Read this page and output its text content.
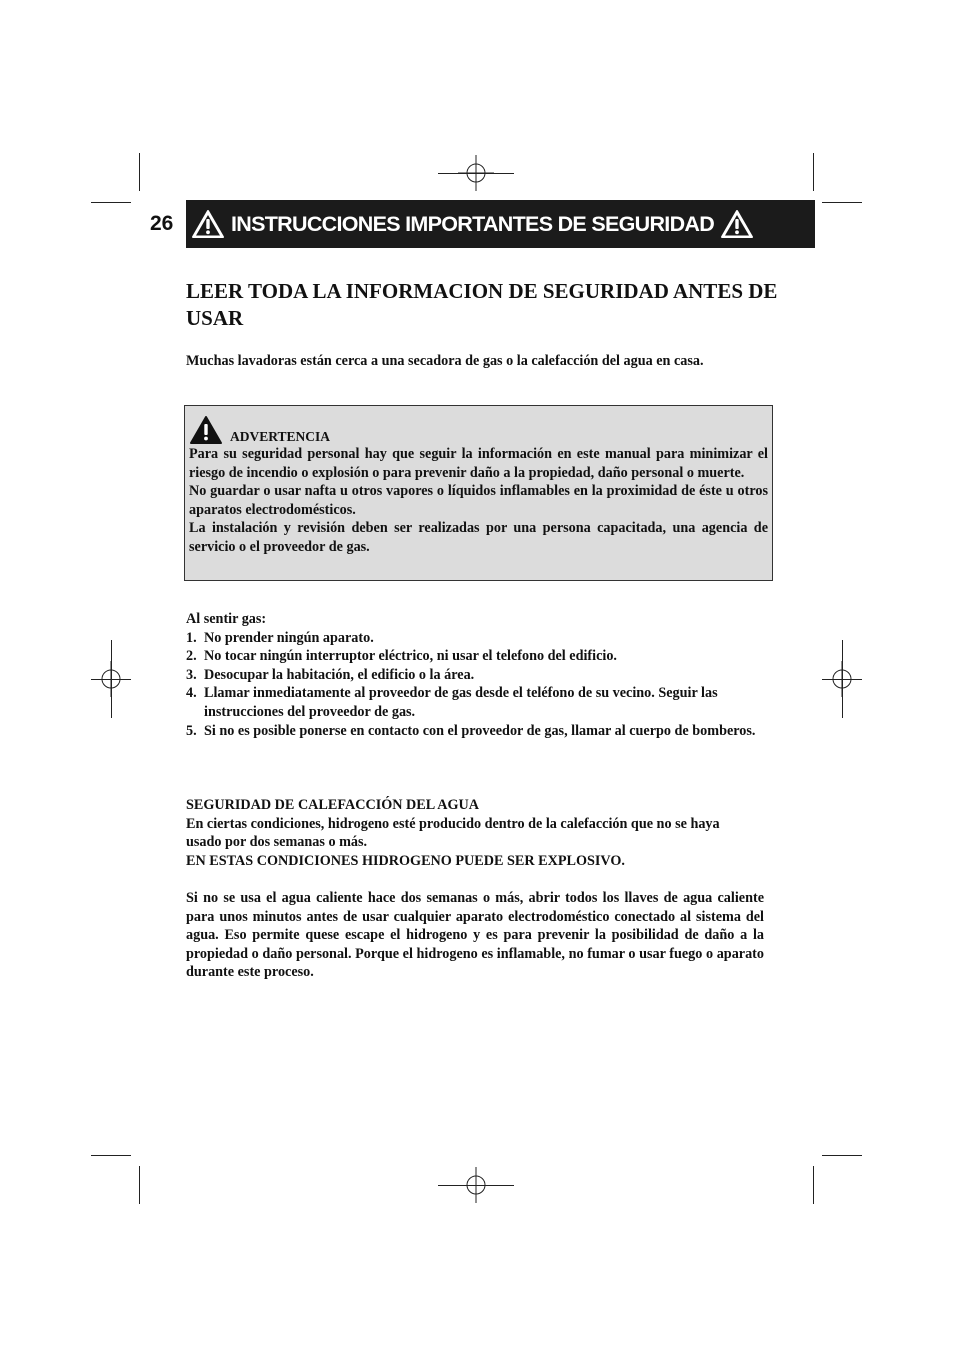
26	INSTRUCCIONES IMPORTANTES DE SEGURIDAD
LEER TODA LA INFORMACION DE SEGURIDAD ANTES DE USAR
Muchas lavadoras están cerca a una secadora de gas o la calefacción del agua en casa.
ADVERTENCIA

Para su seguridad personal hay que seguir la información en este manual para minimizar el riesgo de incendio o explosión o para prevenir daño a la propiedad, daño personal o muerte.

No guardar o usar nafta u otros vapores o líquidos inflamables en la proximidad de éste u otros aparatos electrodomésticos.

La instalación y revisión deben ser realizadas por una persona capacitada, una agencia de servicio o el proveedor de gas.

Al sentir gas:

1. No prender ningún aparato.
2. No tocar ningún interruptor eléctrico, ni usar el telefono del edificio.
3. Desocupar la habitación, el edificio o la área.
4. Llamar inmediatamente al proveedor de gas desde el teléfono de su vecino. Seguir las instrucciones del proveedor de gas.
5. Si no es posible ponerse en contacto con el proveedor de gas, llamar al cuerpo de bomberos.

SEGURIDAD DE CALEFACCIÓN DEL AGUA

En ciertas condiciones, hidrogeno esté producido dentro de la calefacción que no se haya usado por dos semanas o más.

EN ESTAS CONDICIONES HIDROGENO PUEDE SER EXPLOSIVO.

Si no se usa el agua caliente hace dos semanas o más, abrir todos los llaves de agua caliente para unos minutos antes de usar cualquier aparato electrodoméstico conectado al sistema del agua. Eso permite quese escape el hidrogeno y es para prevenir la posibilidad de daño a la propiedad o daño personal. Porque el hidrogeno es inflamable, no fumar o usar fuego o aparato durante este proceso.
